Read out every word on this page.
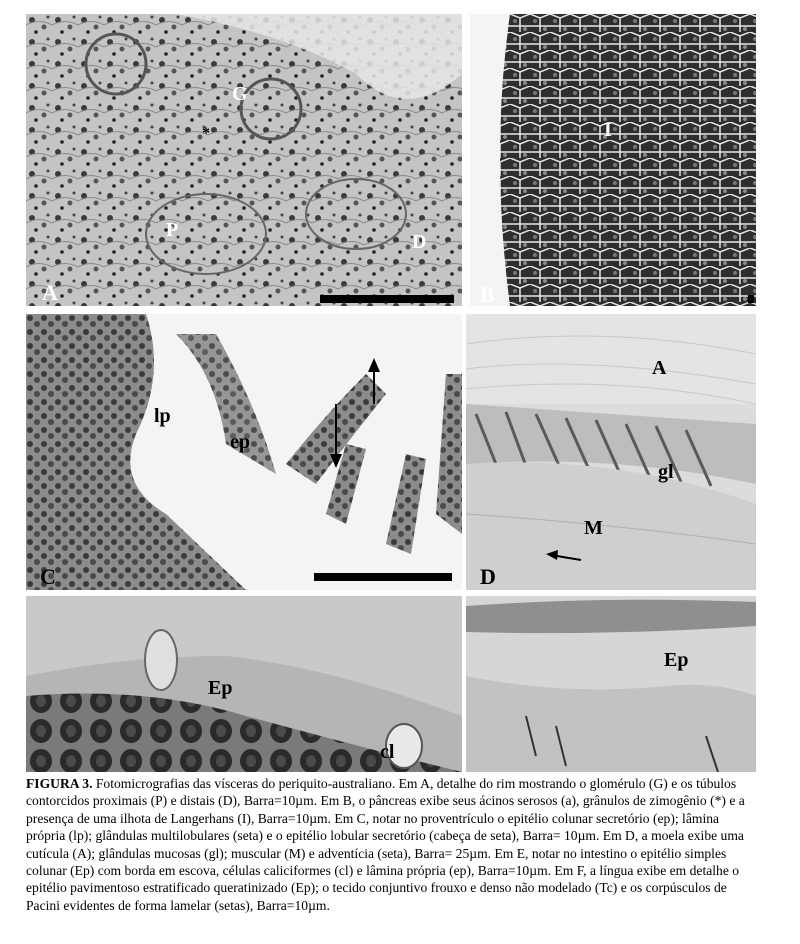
A
G
P
D
*
B
I
C
lp
ep
D
A
gl
M
Ep
cl
Ep
FIGURA 3. Fotomicrografias das vísceras do periquito-australiano. Em A, detalhe do rim mostrando o glomérulo (G) e os túbulos contorcidos proximais (P) e distais (D), Barra=10µm. Em B, o pâncreas exibe seus ácinos serosos (a), grânulos de zimogênio (*) e a presença de uma ilhota de Langerhans (I), Barra=10µm. Em C, notar no proventrículo o epitélio colunar secretório (ep); lâmina própria (lp); glândulas multilobulares (seta) e o epitélio lobular secretório (cabeça de seta), Barra= 10µm. Em D, a moela exibe uma cutícula (A); glândulas mucosas (gl); muscular (M) e adventícia (seta), Barra= 25µm. Em E, notar no intestino o epitélio simples colunar (Ep) com borda em escova, células caliciformes (cl) e lâmina própria (ep), Barra=10µm. Em F, a língua exibe em detalhe o epitélio pavimentoso estratificado queratinizado (Ep); o tecido conjuntivo frouxo e denso não modelado (Tc) e os corpúsculos de Pacini evidentes de forma lamelar (setas), Barra=10µm.
